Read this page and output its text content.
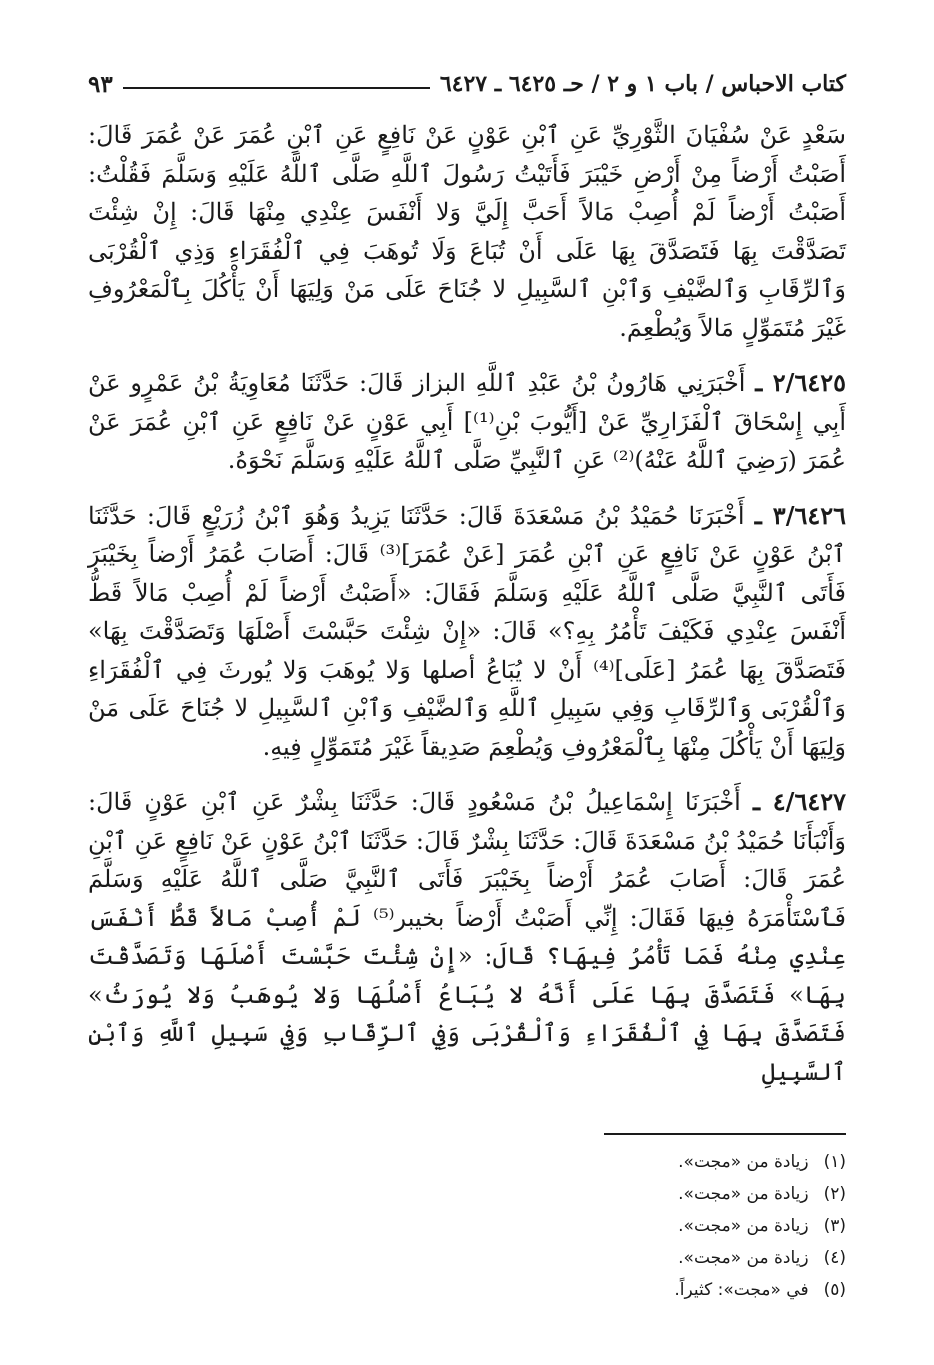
كتاب الاحباس / باب ١ و ٢ / حـ ٦٤٢٥ ـ ٦٤٢٧
٩٣

سَعْدٍ عَنْ سُفْيَانَ الثَّوْرِيِّ عَنِ ٱبْنِ عَوْنٍ عَنْ نَافِعٍ عَنِ ٱبْنِ عُمَرَ عَنْ عُمَرَ قَالَ: أَصَبْتُ أَرْضاً مِنْ أَرْضِ خَيْبَرَ فَأَتَيْتُ رَسُولَ ٱللَّهِ صَلَّى ٱللَّهُ عَلَيْهِ وَسَلَّمَ فَقُلْتُ: أَصَبْتُ أَرْضاً لَمْ أُصِبْ مَالاً أَحَبَّ إِلَيَّ وَلا أَنْفَسَ عِنْدِي مِنْهَا قَالَ: إِنْ شِئْتَ تَصَدَّقْتَ بِهَا فَتَصَدَّقَ بِهَا عَلَى أَنْ تُبَاعَ وَلَا تُوهَبَ فِي ٱلْفُقَرَاءِ وَذِي ٱلْقُرْبَى وَٱلرِّقَابِ وَٱلضَّيْفِ وَٱبْنِ ٱلسَّبِيلِ لا جُنَاحَ عَلَى مَنْ وَلِيَهَا أَنْ يَأْكُلَ بِٱلْمَعْرُوفِ غَيْرَ مُتَمَوِّلٍ مَالاً وَيُطْعِمَ.

٢/٦٤٢٥ ـ أَخْبَرَنِي هَارُونُ بْنُ عَبْدِ ٱللَّهِ البزاز قَالَ: حَدَّثَنَا مُعَاوِيَةُ بْنُ عَمْرٍو عَنْ أَبِي إِسْحَاقَ ٱلْفَزَارِيِّ عَنْ [أَيُّوبَ بْنِ⁽¹⁾] أَبِي عَوْنٍ عَنْ نَافِعٍ عَنِ ٱبْنِ عُمَرَ عَنْ عُمَرَ (رَضِيَ ٱللَّهُ عَنْهُ)⁽²⁾ عَنِ ٱلنَّبِيِّ صَلَّى ٱللَّهُ عَلَيْهِ وَسَلَّمَ نَحْوَهُ.

٣/٦٤٢٦ ـ أَخْبَرَنَا حُمَيْدُ بْنُ مَسْعَدَةَ قَالَ: حَدَّثَنَا يَزِيدُ وَهُوَ ٱبْنُ زُرَيْعٍ قَالَ: حَدَّثَنَا ٱبْنُ عَوْنٍ عَنْ نَافِعٍ عَنِ ٱبْنِ عُمَرَ [عَنْ عُمَرَ]⁽³⁾ قَالَ: أَصَابَ عُمَرُ أَرْضاً بِخَيْبَرَ فَأَتَى ٱلنَّبِيَّ صَلَّى ٱللَّهُ عَلَيْهِ وَسَلَّمَ فَقَالَ: «أَصَبْتُ أَرْضاً لَمْ أُصِبْ مَالاً قَطُّ أَنْفَسَ عِنْدِي فَكَيْفَ تَأْمُرُ بِهِ؟» قَالَ: «إِنْ شِئْتَ حَبَّسْتَ أَصْلَهَا وَتَصَدَّقْتَ بِهَا» فَتَصَدَّقَ بِهَا عُمَرُ [عَلَى]⁽⁴⁾ أَنْ لا يُبَاعُ أصلها وَلا يُوهَبَ وَلا يُورثَ فِي ٱلْفُقَرَاءِ وَٱلْقُرْبَى وَٱلرِّقَابِ وَفِي سَبِيلِ ٱللَّهِ وَٱلضَّيْفِ وَٱبْنِ ٱلسَّبِيلِ لا جُنَاحَ عَلَى مَنْ وَلِيَهَا أَنْ يَأْكُلَ مِنْهَا بِٱلْمَعْرُوفِ وَيُطْعِمَ صَدِيقاً غَيْرَ مُتَمَوِّلٍ فِيهِ.

٤/٦٤٢٧ ـ أَخْبَرَنَا إِسْمَاعِيلُ بْنُ مَسْعُودٍ قَالَ: حَدَّثَنَا بِشْرٌ عَنِ ٱبْنِ عَوْنٍ قَالَ: وَأَنْبَأَنَا حُمَيْدُ بْنُ مَسْعَدَةَ قَالَ: حَدَّثَنَا بِشْرٌ قَالَ: حَدَّثَنَا ٱبْنُ عَوْنٍ عَنْ نَافِعٍ عَنِ ٱبْنِ عُمَرَ قَالَ: أَصَابَ عُمَرُ أَرْضاً بِخَيْبَرَ فَأَتَى ٱلنَّبِيَّ صَلَّى ٱللَّهُ عَلَيْهِ وَسَلَّمَ فَٱسْتَأْمَرَهُ فِيهَا فَقَالَ: إِنِّي أَصَبْتُ أَرْضاً بخيبر⁽⁵⁾ لَمْ أُصِبْ مَالاً قَطُّ أَنْفَسَ عِنْدِي مِنْهُ فَمَا تَأْمُرُ فِيهَا؟ قَالَ: «إِنْ شِئْتَ حَبَّسْتَ أَصْلَهَا وَتَصَدَّقْتَ بِهَا» فَتَصَدَّقَ بِهَا عَلَى أَنَّهُ لا يُبَاعُ أَصْلُهَا وَلا يُوهَبُ وَلا يُورَثُ» فَتَصَدَّقَ بِهَا فِي ٱلْفُقَرَاءِ وَٱلْقُرْبَى وَفِي ٱلرِّقَابِ وَفِي سَبِيلِ ٱللَّهِ وَٱبْنِ ٱلسَّبِيلِ

(١) زيادة من «مجت».
(٢) زيادة من «مجت».
(٣) زيادة من «مجت».
(٤) زيادة من «مجت».
(٥) في «مجت»: كثيراً.
